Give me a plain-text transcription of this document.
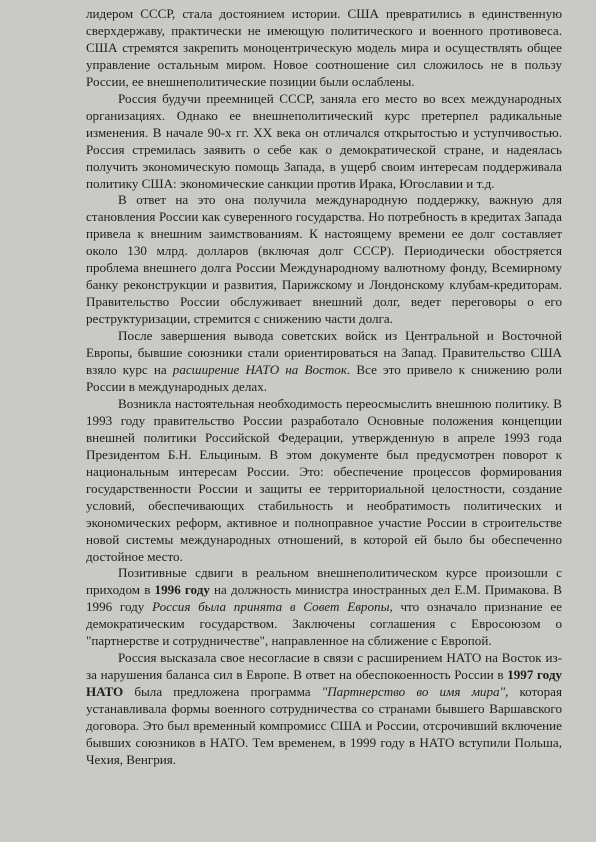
лидером СССР, стала достоянием истории. США превратились в единственную сверхдержаву, практически не имеющую политического и военного противовеса. США стремятся закрепить моноцентрическую модель мира и осуществлять общее управление остальным миром. Новое соотношение сил сложилось не в пользу России, ее внешнеполитические позиции были ослаблены.

Россия будучи преемницей СССР, заняла его место во всех международных организациях. Однако ее внешнеполитический курс претерпел радикальные изменения. В начале 90-х гг. XX века он отличался открытостью и уступчивостью. Россия стремилась заявить о себе как о демократической стране, и надеялась получить экономическую помощь Запада, в ущерб своим интересам поддерживала политику США: экономические санкции против Ирака, Югославии и т.д.

В ответ на это она получила международную поддержку, важную для становления России как суверенного государства. Но потребность в кредитах Запада привела к внешним заимствованиям. К настоящему времени ее долг составляет около 130 млрд. долларов (включая долг СССР). Периодически обостряется проблема внешнего долга России Международному валютному фонду, Всемирному банку реконструкции и развития, Парижскому и Лондонскому клубам-кредиторам. Правительство России обслуживает внешний долг, ведет переговоры о его реструктуризации, стремится с снижению части долга.

После завершения вывода советских войск из Центральной и Восточной Европы, бывшие союзники стали ориентироваться на Запад. Правительство США взяло курс на расширение НАТО на Восток. Все это привело к снижению роли России в международных делах.

Возникла настоятельная необходимость переосмыслить внешнюю политику. В 1993 году правительство России разработало Основные положения концепции внешней политики Российской Федерации, утвержденную в апреле 1993 года Президентом Б.Н. Ельциным. В этом документе был предусмотрен поворот к национальным интересам России. Это: обеспечение процессов формирования государственности России и защиты ее территориальной целостности, создание условий, обеспечивающих стабильность и необратимость политических и экономических реформ, активное и полноправное участие России в строительстве новой системы международных отношений, в которой ей было бы обеспеченно достойное место.

Позитивные сдвиги в реальном внешнеполитическом курсе произошли с приходом в 1996 году на должность министра иностранных дел Е.М. Примакова. В 1996 году Россия была принята в Совет Европы, что означало признание ее демократическим государством. Заключены соглашения с Евросоюзом о "партнерстве и сотрудничестве", направленное на сближение с Европой.

Россия высказала свое несогласие в связи с расширением НАТО на Восток из-за нарушения баланса сил в Европе. В ответ на обеспокоенность России в 1997 году НАТО была предложена программа "Партнерство во имя мира", которая устанавливала формы военного сотрудничества со странами бывшего Варшавского договора. Это был временный компромисс США и России, отсрочивший включение бывших союзников в НАТО. Тем временем, в 1999 году в НАТО вступили Польша, Чехия, Венгрия.
